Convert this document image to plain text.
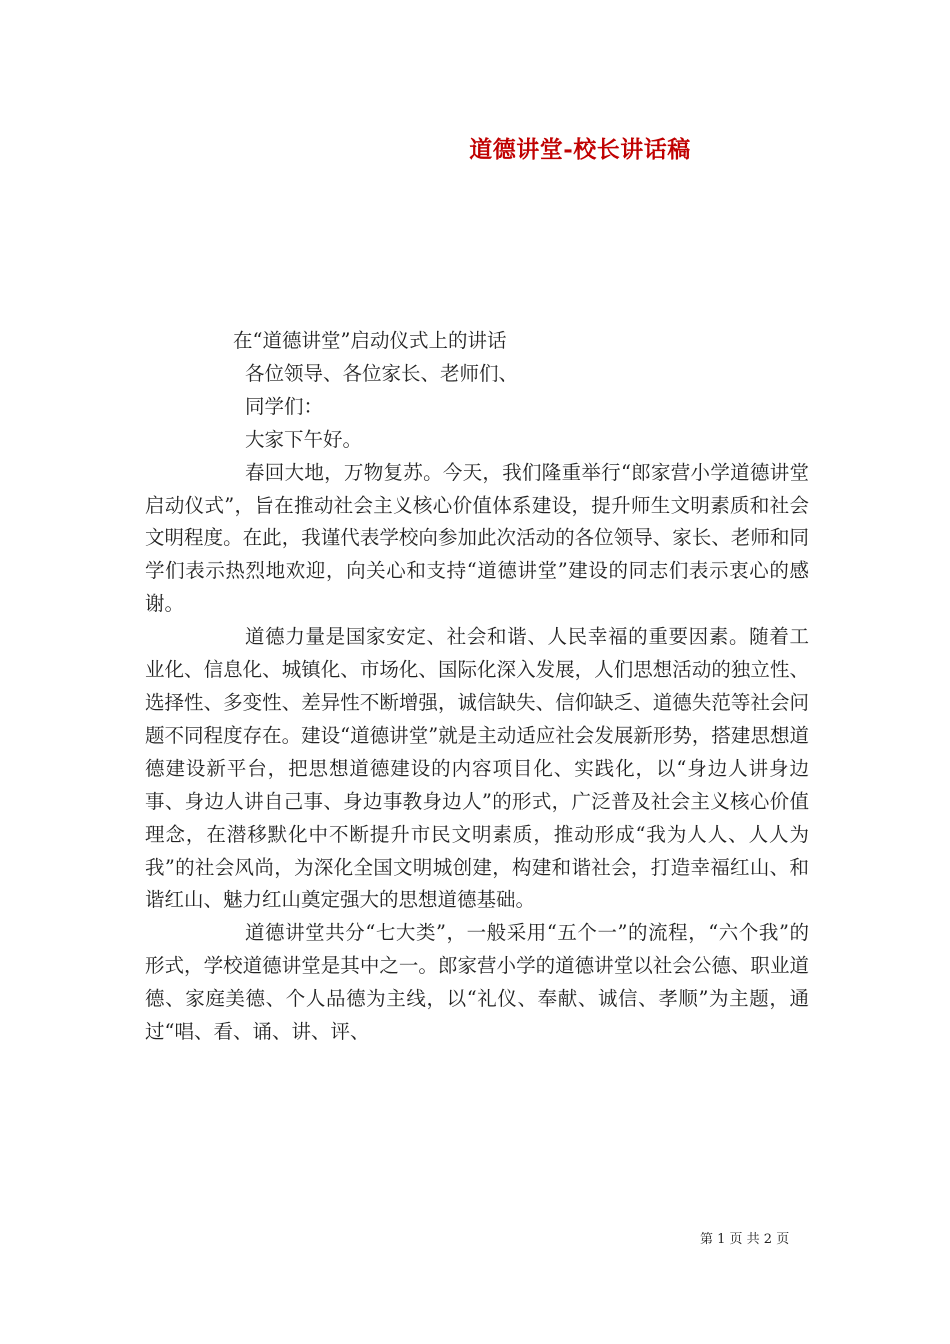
道德讲堂-校长讲话稿

在“道德讲堂”启动仪式上的讲话

各位领导、各位家长、老师们、

同学们：

大家下午好。

春回大地，万物复苏。今天，我们隆重举行“郎家营小学道德讲堂启动仪式”，旨在推动社会主义核心价值体系建设，提升师生文明素质和社会文明程度。在此，我谨代表学校向参加此次活动的各位领导、家长、老师和同学们表示热烈地欢迎，向关心和支持“道德讲堂”建设的同志们表示衷心的感谢。

道德力量是国家安定、社会和谐、人民幸福的重要因素。随着工业化、信息化、城镇化、市场化、国际化深入发展，人们思想活动的独立性、选择性、多变性、差异性不断增强，诚信缺失、信仰缺乏、道德失范等社会问题不同程度存在。建设“道德讲堂”就是主动适应社会发展新形势，搭建思想道德建设新平台，把思想道德建设的内容项目化、实践化，以“身边人讲身边事、身边人讲自己事、身边事教身边人”的形式，广泛普及社会主义核心价值理念，在潜移默化中不断提升市民文明素质，推动形成“我为人人、人人为我”的社会风尚，为深化全国文明城创建，构建和谐社会，打造幸福红山、和谐红山、魅力红山奠定强大的思想道德基础。

道德讲堂共分“七大类”，一般采用“五个一”的流程，“六个我”的形式，学校道德讲堂是其中之一。郎家营小学的道德讲堂以社会公德、职业道德、家庭美德、个人品德为主线，以“礼仪、奉献、诚信、孝顺”为主题，通过“唱、看、诵、讲、评、

第 1 页 共 2 页
